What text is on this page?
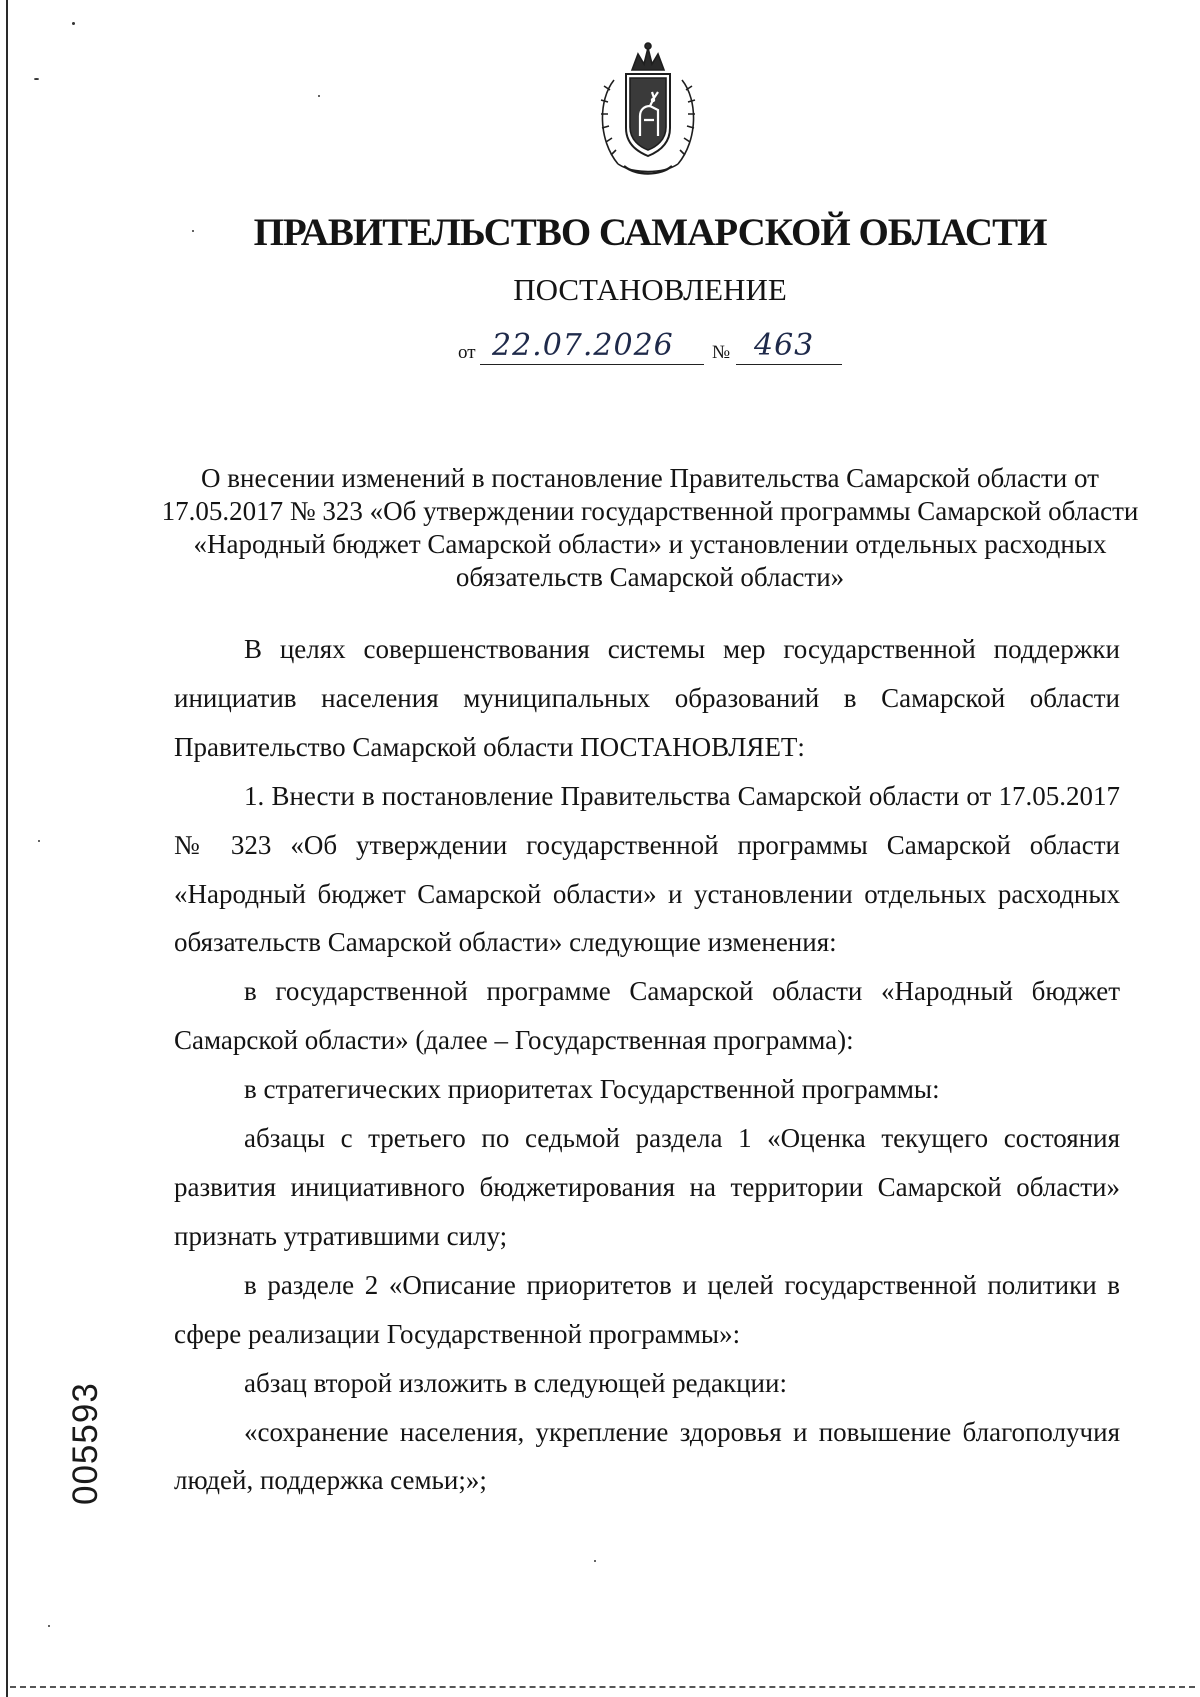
ПРАВИТЕЛЬСТВО САМАРСКОЙ ОБЛАСТИ
ПОСТАНОВЛЕНИЕ
от 22.07.2026 № 463
О внесении изменений в постановление Правительства Самарской области от 17.05.2017 № 323 «Об утверждении государственной программы Самарской области «Народный бюджет Самарской области» и установлении отдельных расходных обязательств Самарской области»

В целях совершенствования системы мер государственной поддержки инициатив населения муниципальных образований в Самарской области Правительство Самарской области ПОСТАНОВЛЯЕТ:

1. Внести в постановление Правительства Самарской области от 17.05.2017 № 323 «Об утверждении государственной программы Самарской области «Народный бюджет Самарской области» и установлении отдельных расходных обязательств Самарской области» следующие изменения:

в государственной программе Самарской области «Народный бюджет Самарской области» (далее – Государственная программа):

в стратегических приоритетах Государственной программы:

абзацы с третьего по седьмой раздела 1 «Оценка текущего состояния развития инициативного бюджетирования на территории Самарской области» признать утратившими силу;

в разделе 2 «Описание приоритетов и целей государственной политики в сфере реализации Государственной программы»:

абзац второй изложить в следующей редакции:

«сохранение населения, укрепление здоровья и повышение благополучия людей, поддержка семьи;»;

005593
